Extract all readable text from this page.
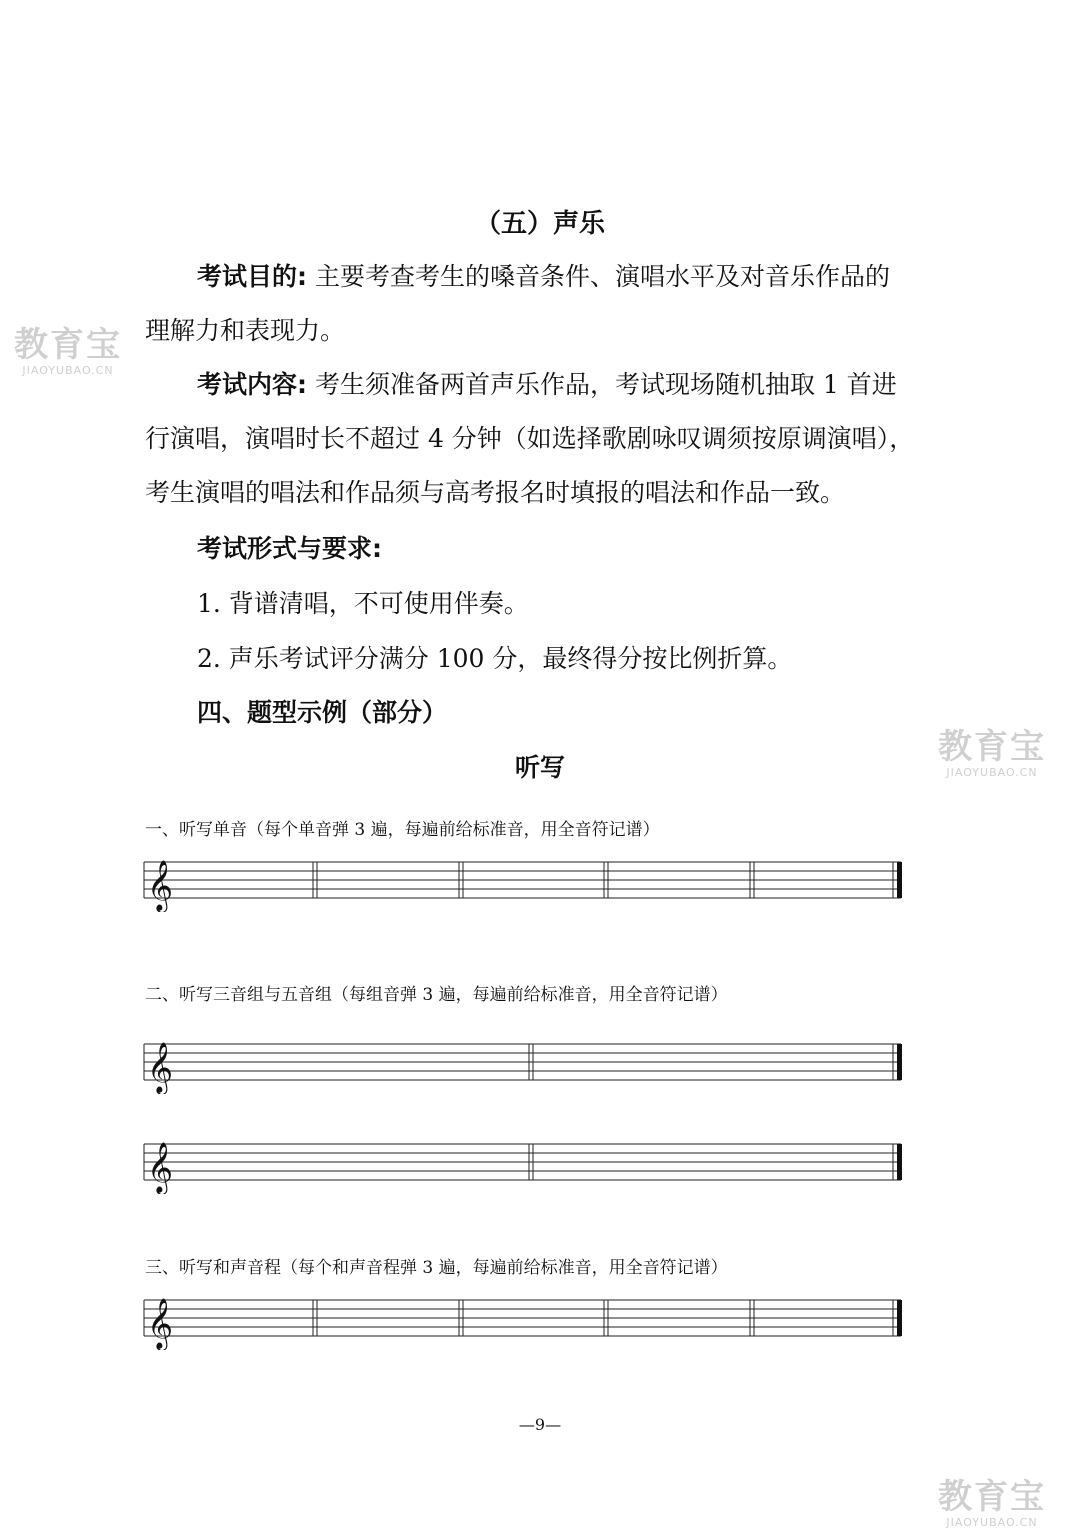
教育宝
JIAOYUBAO.CN
教育宝
JIAOYUBAO.CN
教育宝
JIAOYUBAO.CN
（五）声乐
考试目的: 主要考查考生的嗓音条件、演唱水平及对音乐作品的
理解力和表现力。
考试内容: 考生须准备两首声乐作品，考试现场随机抽取 1 首进
行演唱，演唱时长不超过 4 分钟（如选择歌剧咏叹调须按原调演唱），
考生演唱的唱法和作品须与高考报名时填报的唱法和作品一致。
考试形式与要求:
1. 背谱清唱，不可使用伴奏。
2. 声乐考试评分满分 100 分，最终得分按比例折算。
四、题型示例（部分）
听写
一、听写单音（每个单音弹 3 遍，每遍前给标准音，用全音符记谱）
𝄞
二、听写三音组与五音组（每组音弹 3 遍，每遍前给标准音，用全音符记谱）
𝄞
𝄞
三、听写和声音程（每个和声音程弹 3 遍，每遍前给标准音，用全音符记谱）
𝄞
—9—
